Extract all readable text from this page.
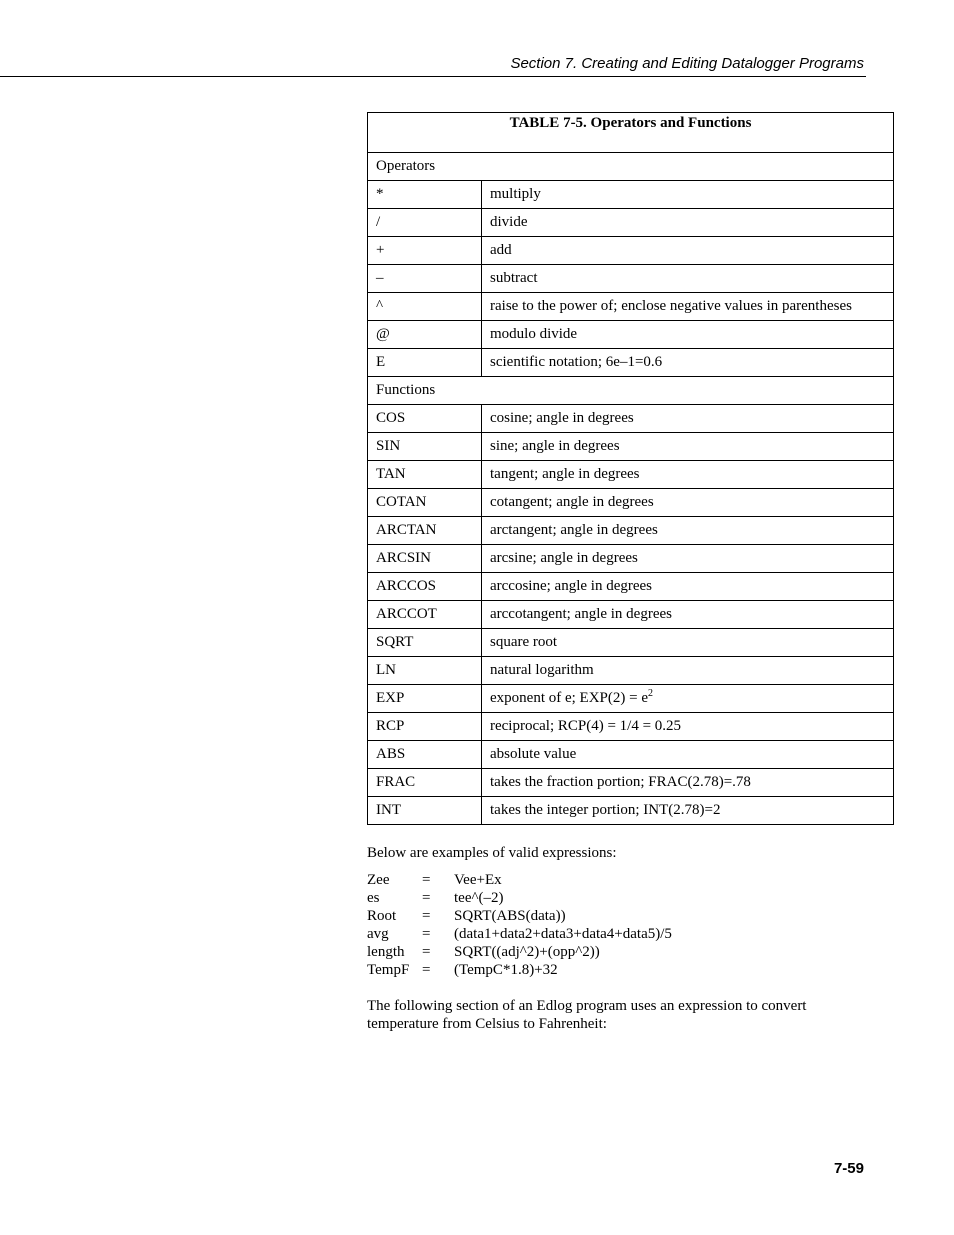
Section 7. Creating and Editing Datalogger Programs
TABLE 7-5. Operators and Functions	
Operators	
*	multiply
/	divide
+	add
–	subtract
^	raise to the power of; enclose negative values in parentheses
@	modulo divide
E	scientific notation; 6e–1=0.6
Functions	
COS	cosine; angle in degrees
SIN	sine; angle in degrees
TAN	tangent; angle in degrees
COTAN	cotangent; angle in degrees
ARCTAN	arctangent; angle in degrees
ARCSIN	arcsine; angle in degrees
ARCCOS	arccosine; angle in degrees
ARCCOT	arccotangent; angle in degrees
SQRT	square root
LN	natural logarithm
EXP	exponent of e; $EXP(2) = e^2$
RCP	reciprocal; RCP(4) = 1/4 = 0.25
ABS	absolute value
FRAC	takes the fraction portion; FRAC(2.78)=.78
INT	takes the integer portion; INT(2.78)=2
Below are examples of valid expressions:
Zee	=	Vee+Ex
es	=	tee^(–2)
Root	=	SQRT(ABS(data))
avg	=	(data1+data2+data3+data4+data5)/5
length	=	SQRT((adj^2)+(opp^2))
TempF =	(TempC*1.8)+32
The following section of an Edlog program uses an expression to convert
temperature from Celsius to Fahrenheit:
7-59
